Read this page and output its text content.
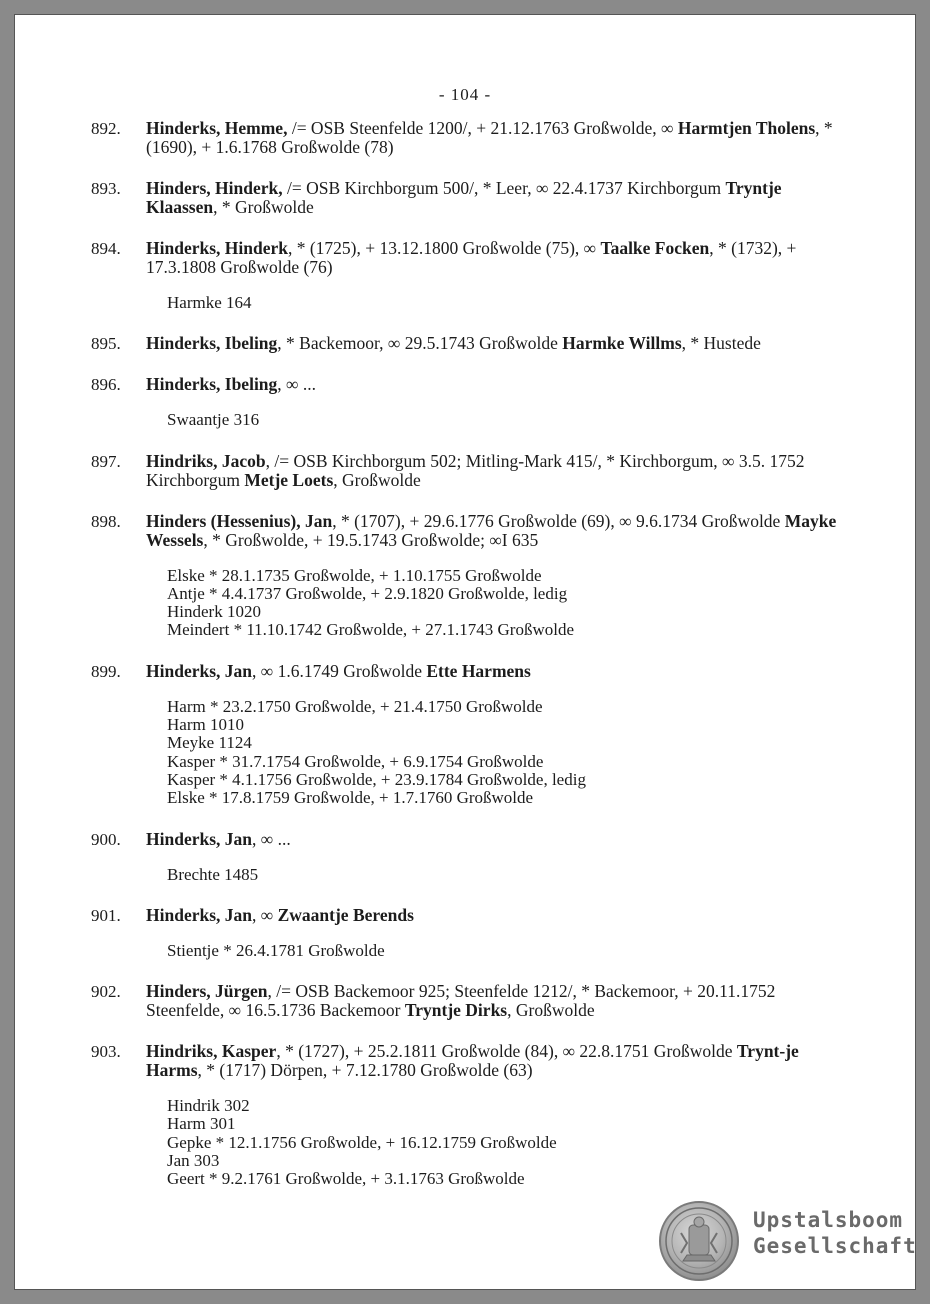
- 104 -
892. Hinderks, Hemme, /= OSB Steenfelde 1200/, + 21.12.1763 Großwolde, ∞ Harmtjen Tholens, * (1690), + 1.6.1768 Großwolde (78)
893. Hinders, Hinderk, /= OSB Kirchborgum 500/, * Leer, ∞ 22.4.1737 Kirchborgum Tryntje Klaassen, * Großwolde
894. Hinderks, Hinderk, * (1725), + 13.12.1800 Großwolde (75), ∞ Taalke Focken, * (1732), + 17.3.1808 Großwolde (76)
Harmke 164
895. Hinderks, Ibeling, * Backemoor, ∞ 29.5.1743 Großwolde Harmke Willms, * Hustede
896. Hinderks, Ibeling, ∞ ...
Swaantje 316
897. Hindriks, Jacob, /= OSB Kirchborgum 502; Mitling-Mark 415/, * Kirchborgum, ∞ 3.5. 1752 Kirchborgum Metje Loets, Großwolde
898. Hinders (Hessenius), Jan, * (1707), + 29.6.1776 Großwolde (69), ∞ 9.6.1734 Großwolde Mayke Wessels, * Großwolde, + 19.5.1743 Großwolde; ∞I 635
Elske * 28.1.1735 Großwolde, + 1.10.1755 Großwolde
Antje * 4.4.1737 Großwolde, + 2.9.1820 Großwolde, ledig
Hinderk 1020
Meindert * 11.10.1742 Großwolde, + 27.1.1743 Großwolde
899. Hinderks, Jan, ∞ 1.6.1749 Großwolde Ette Harmens
Harm * 23.2.1750 Großwolde, + 21.4.1750 Großwolde
Harm 1010
Meyke 1124
Kasper * 31.7.1754 Großwolde, + 6.9.1754 Großwolde
Kasper * 4.1.1756 Großwolde, + 23.9.1784 Großwolde, ledig
Elske * 17.8.1759 Großwolde, + 1.7.1760 Großwolde
900. Hinderks, Jan, ∞ ...
Brechte 1485
901. Hinderks, Jan, ∞ Zwaantje Berends
Stientje * 26.4.1781 Großwolde
902. Hinders, Jürgen, /= OSB Backemoor 925; Steenfelde 1212/, * Backemoor, + 20.11.1752 Steenfelde, ∞ 16.5.1736 Backemoor Tryntje Dirks, Großwolde
903. Hindriks, Kasper, * (1727), + 25.2.1811 Großwolde (84), ∞ 22.8.1751 Großwolde Trynt-je Harms, * (1717) Dörpen, + 7.12.1780 Großwolde (63)
Hindrik 302
Harm 301
Gepke * 12.1.1756 Großwolde, + 16.12.1759 Großwolde
Jan 303
Geert * 9.2.1761 Großwolde, + 3.1.1763 Großwolde
Upstalsboom
Gesellschaft
